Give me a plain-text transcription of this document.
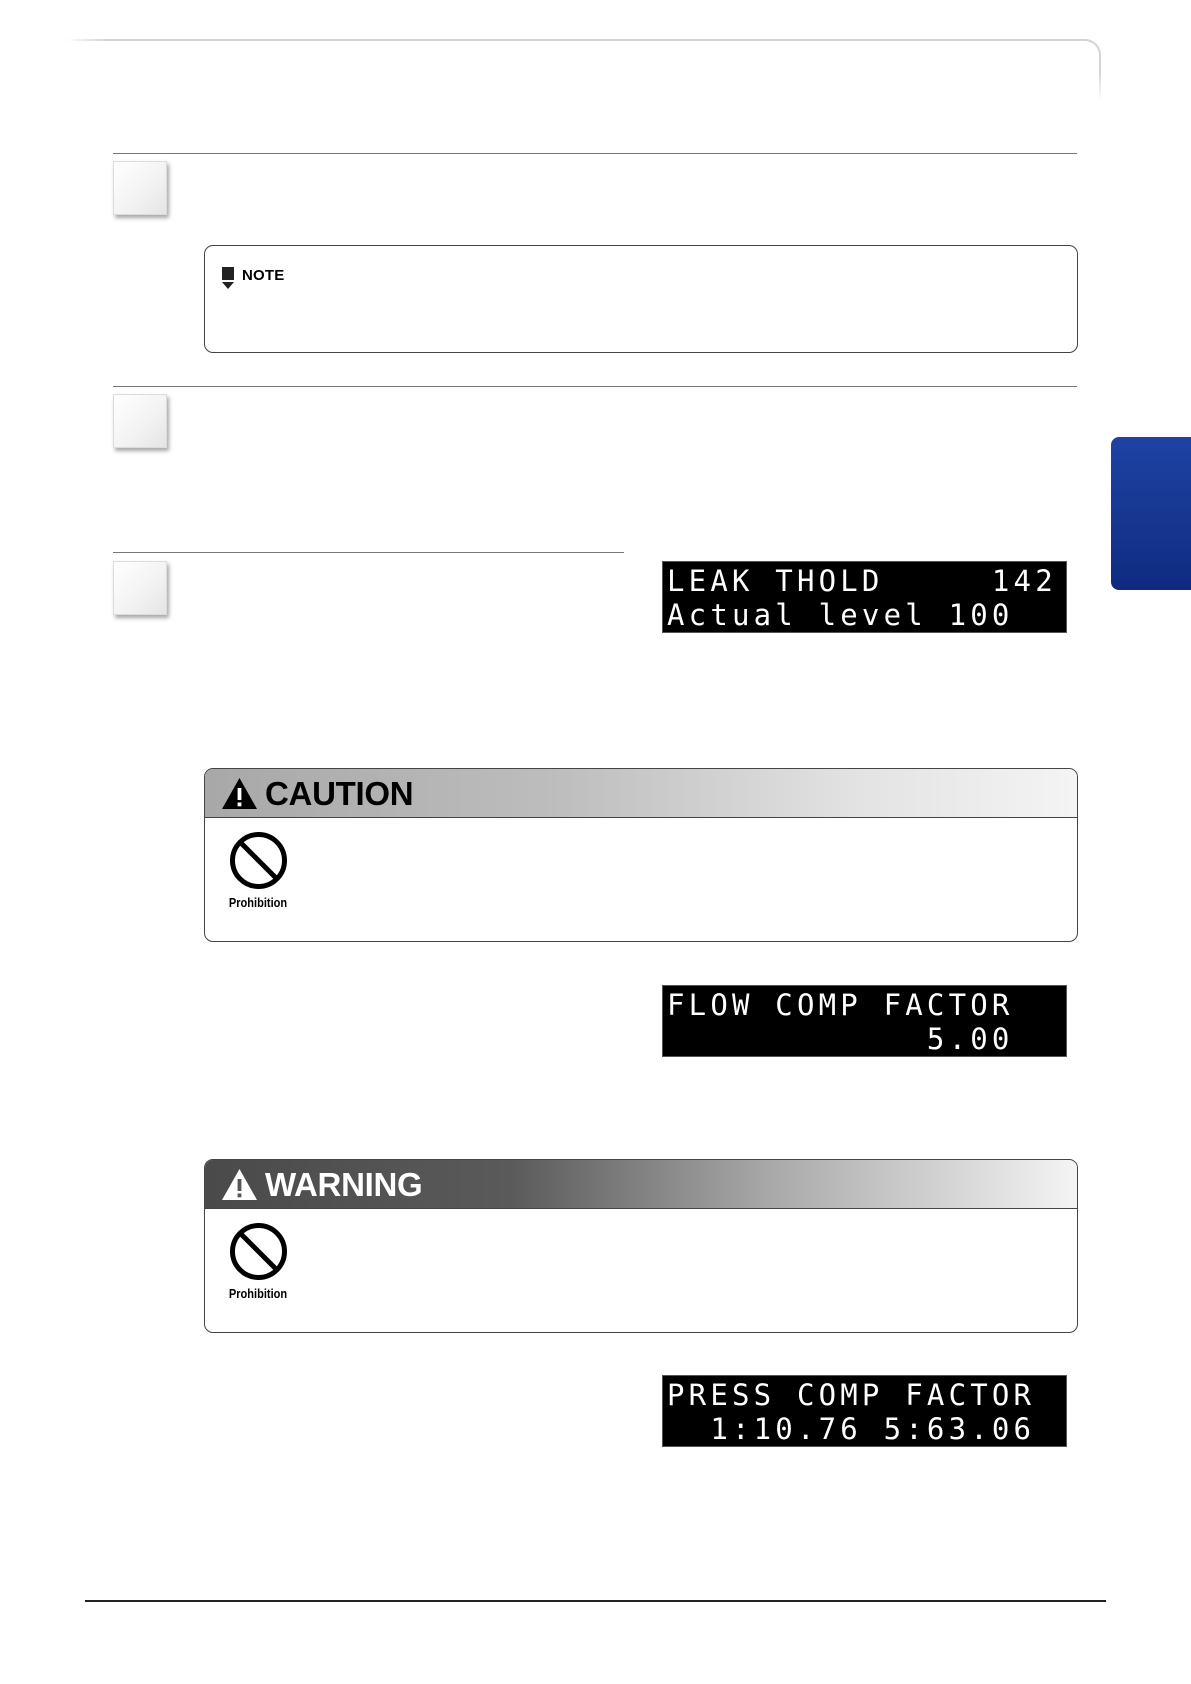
NOTE
LEAK THOLD     142
Actual level 100
CAUTION
Prohibition
FLOW COMP FACTOR
5.00
WARNING
Prohibition
PRESS COMP FACTOR
1:10.76 5:63.06
